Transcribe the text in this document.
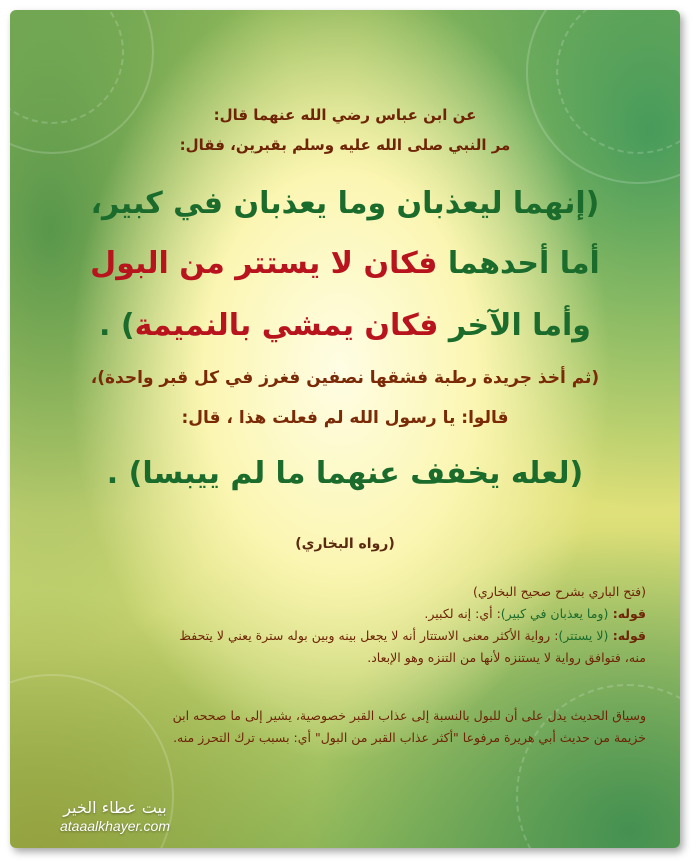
عن ابن عباس رضي الله عنهما قال:
مر النبي صلى الله عليه وسلم بقبرين، فقال:
(إنهما ليعذبان وما يعذبان في كبير،
أما أحدهما فكان لا يستتر من البول
وأما الآخر فكان يمشي بالنميمة) .
(ثم أخذ جريدة رطبة فشقها نصفين فغرز في كل قبر واحدة)،
قالوا: يا رسول الله لم فعلت هذا ، قال:
(لعله يخفف عنهما ما لم ييبسا) .
(رواه البخاري)
(فتح الباري بشرح صحيح البخاري)
قوله: (وما يعذبان في كبير): أي: إنه لكبير.
قوله: (لا يستتر): رواية الأكثر معنى الاستتار أنه لا يجعل بينه وبين بوله سترة يعني لا يتحفظ
منه، فتوافق رواية لا يستنزه لأنها من التنزه وهو الإبعاد.
وسياق الحديث يدل على أن للبول بالنسبة إلى عذاب القبر خصوصية، يشير إلى ما صححه ابن
خزيمة من حديث أبي هريرة مرفوعا "أكثر عذاب القبر من البول" أي: بسبب ترك التحرز منه.
بيت عطاء الخير
ataaalkhayer.com
